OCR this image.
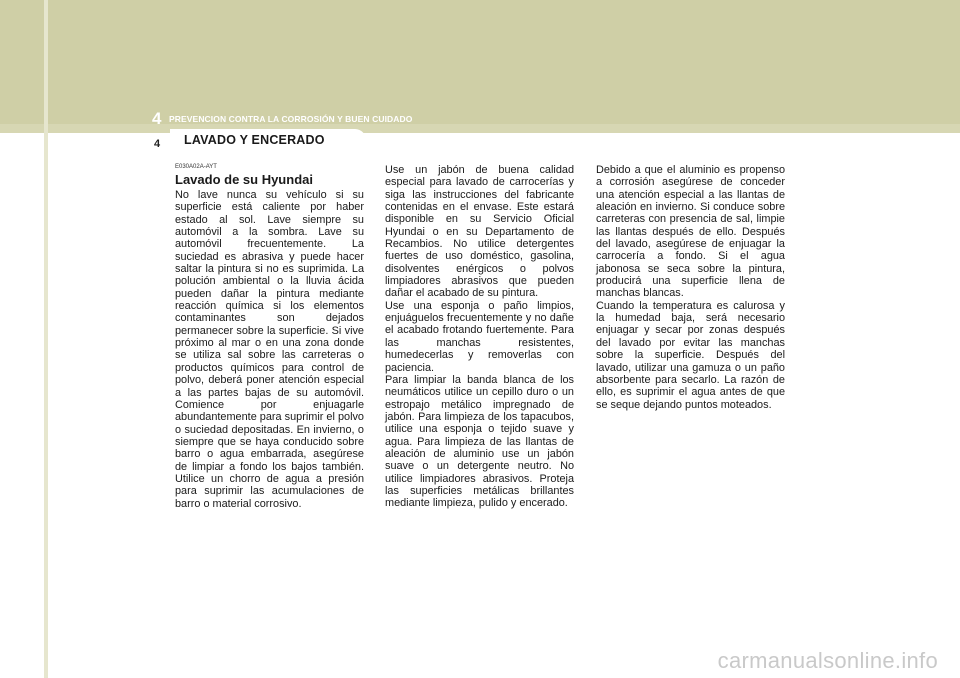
4 PREVENCION CONTRA LA CORROSIÓN Y BUEN CUIDADO
4	LAVADO Y ENCERADO
E030A02A-AYT
Lavado de su Hyundai

No lave nunca su vehículo si su superficie está caliente por haber estado al sol. Lave siempre su automóvil a la sombra. Lave su automóvil frecuentemente. La suciedad es abrasiva y puede hacer saltar la pintura si no es suprimida. La polución ambiental o la lluvia ácida pueden dañar la pintura mediante reacción química si los elementos contaminantes son dejados permanecer sobre la superficie. Si vive próximo al mar o en una zona donde se utiliza sal sobre las carreteras o productos químicos para control de polvo, deberá poner atención especial a las partes bajas de su automóvil. Comience por enjuagarle abundantemente para suprimir el polvo o suciedad depositadas. En invierno, o siempre que se haya conducido sobre barro o agua embarrada, asegúrese de limpiar a fondo los bajos también. Utilice un chorro de agua a presión para suprimir las acumulaciones de barro o material corrosivo.

Use un jabón de buena calidad especial para lavado de carrocerías y siga las instrucciones del fabricante contenidas en el envase. Este estará disponible en su Servicio Oficial Hyundai o en su Departamento de Recambios. No utilice detergentes fuertes de uso doméstico, gasolina, disolventes enérgicos o polvos limpiadores abrasivos que pueden dañar el acabado de su pintura.

Use una esponja o paño limpios, enjuáguelos frecuentemente y no dañe el acabado frotando fuertemente. Para las manchas resistentes, humedecerlas y removerlas con paciencia.

Para limpiar la banda blanca de los neumáticos utilice un cepillo duro o un estropajo metálico impregnado de jabón. Para limpieza de los tapacubos, utilice una esponja o tejido suave y agua. Para limpieza de las llantas de aleación de aluminio use un jabón suave o un detergente neutro. No utilice limpiadores abrasivos. Proteja las superficies metálicas brillantes mediante limpieza, pulido y encerado.

Debido a que el aluminio es propenso a corrosión asegúrese de conceder una atención especial a las llantas de aleación en invierno. Si conduce sobre carreteras con presencia de sal, limpie las llantas después de ello. Después del lavado, asegúrese de enjuagar la carrocería a fondo. Si el agua jabonosa se seca sobre la pintura, producirá una superficie llena de manchas blancas.

Cuando la temperatura es calurosa y la humedad baja, será necesario enjuagar y secar por zonas después del lavado por evitar las manchas sobre la superficie. Después del lavado, utilizar una gamuza o un paño absorbente para secarlo. La razón de ello, es suprimir el agua antes de que se seque dejando puntos moteados.

carmanualsonline.info
